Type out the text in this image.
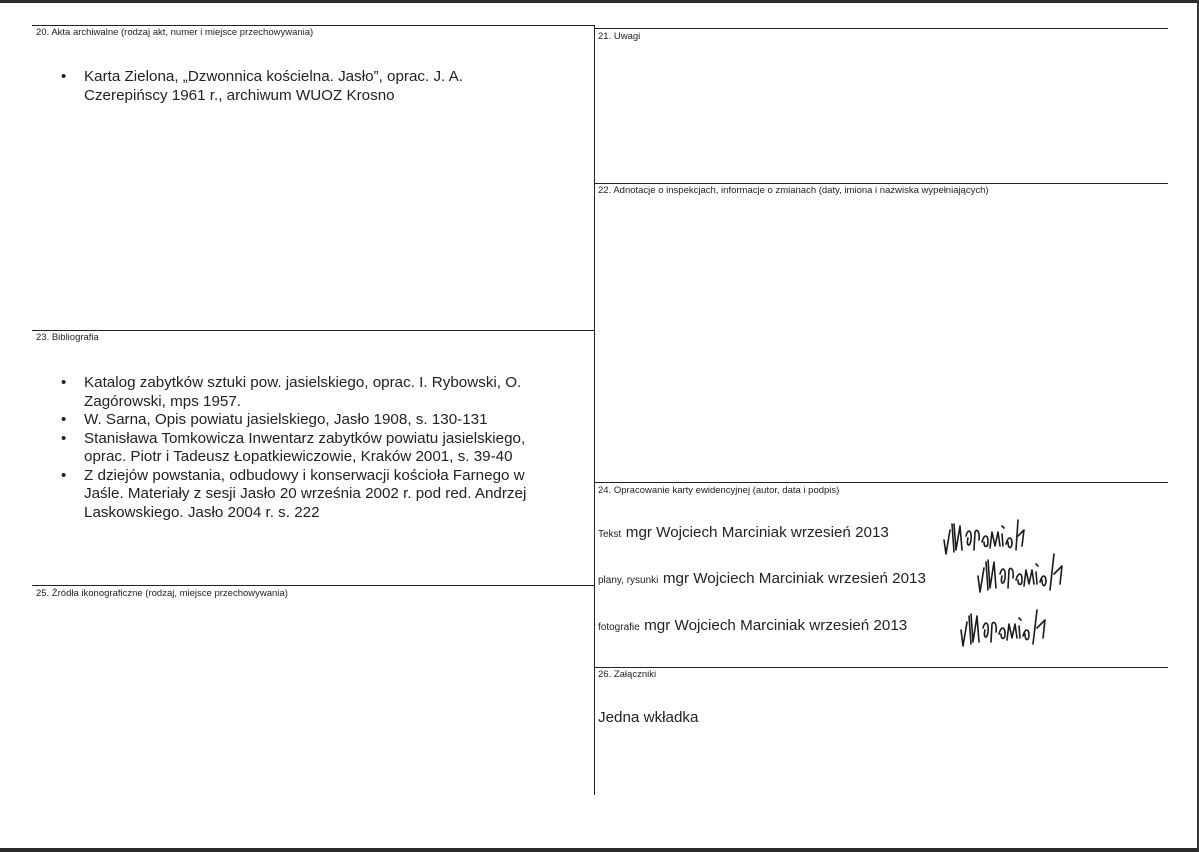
20. Akta archiwalne (rodzaj akt, numer i miejsce przechowywania)	21. Uwagi
22. Adnotacje o inspekcjach, informacje o zmianach (daty, imiona i nazwiska wypełniających)
23. Bibliografia
24. Opracowanie karty ewidencyjnej (autor, data i podpis)
25. Źródła ikonograficzne (rodzaj, miejsce przechowywania)
26. Załączniki
• Karta Zielona, „Dzwonnica kościelna. Jasło”, oprac. J. A.
Czerepińscy 1961 r., archiwum WUOZ Krosno
• Katalog zabytków sztuki pow. jasielskiego, oprac. I. Rybowski, O.
Zagórowski, mps 1957.
• W. Sarna, Opis powiatu jasielskiego, Jasło 1908, s. 130-131
• Stanisława Tomkowicza Inwentarz zabytków powiatu jasielskiego,
oprac. Piotr i Tadeusz Łopatkiewiczowie, Kraków 2001, s. 39-40
• Z dziejów powstania, odbudowy i konserwacji kościoła Farnego w
Jaśle. Materiały z sesji Jasło 20 września 2002 r. pod red. Andrzej
Laskowskiego. Jasło 2004 r. s. 222
Tekst mgr Wojciech Marciniak wrzesień 2013
plany, rysunki mgr Wojciech Marciniak wrzesień 2013
fotografie mgr Wojciech Marciniak wrzesień 2013
Jedna wkładka
